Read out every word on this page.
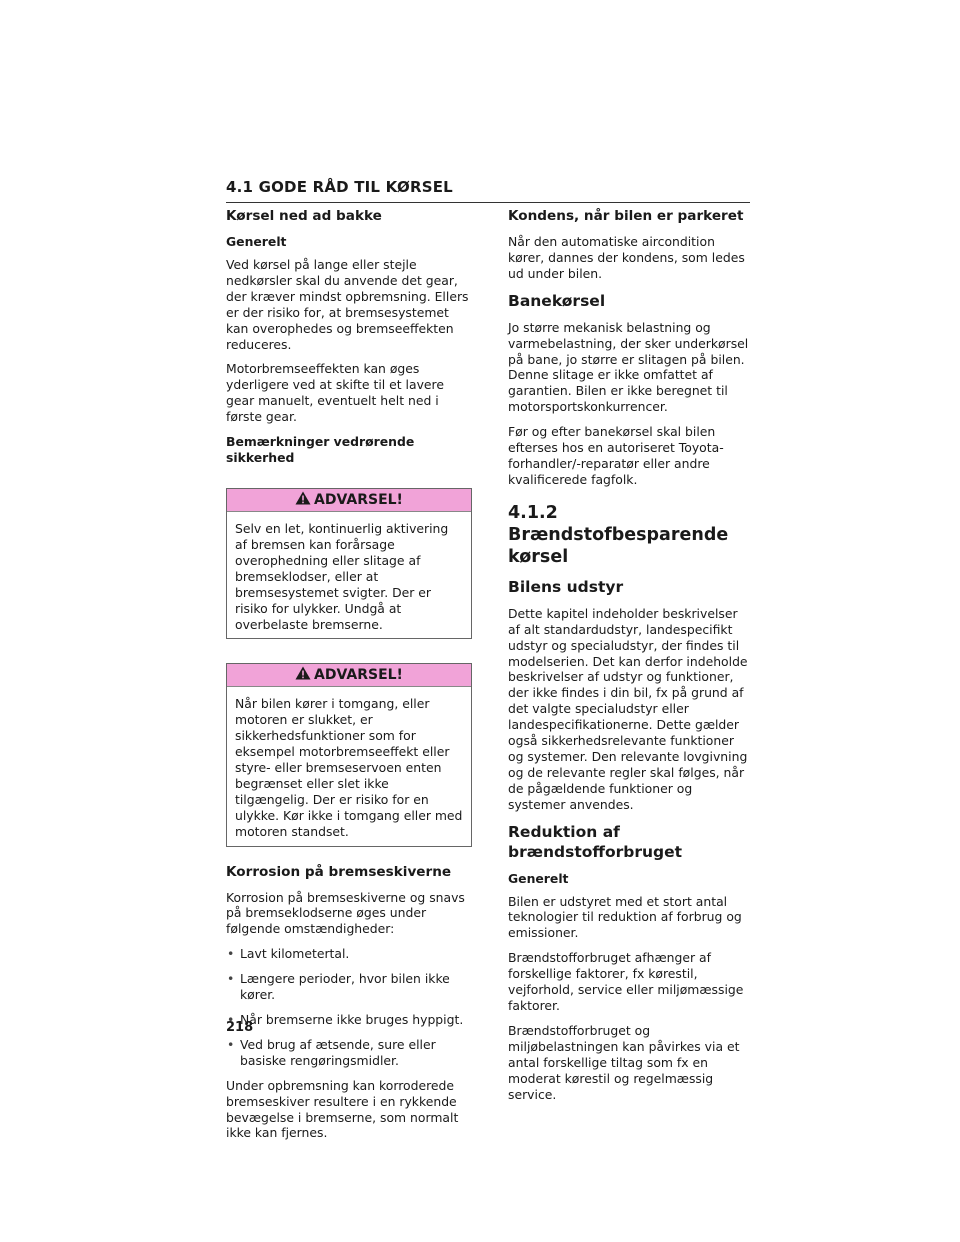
4.1 GODE RÅD TIL KØRSEL
Kørsel ned ad bakke
Generelt

Ved kørsel på lange eller stejle nedkørsler skal du anvende det gear, der kræver mindst opbremsning. Ellers er der risiko for, at bremsesystemet kan overophedes og bremseeffekten reduceres.

Motorbremseeffekten kan øges yderligere ved at skifte til et lavere gear manuelt, eventuelt helt ned i første gear.

Bemærkninger vedrørende sikkerhed
ADVARSEL!

Selv en let, kontinuerlig aktivering af bremsen kan forårsage overophedning eller slitage af bremseklodser, eller at bremsesystemet svigter. Der er risiko for ulykker. Undgå at overbelaste bremserne.

ADVARSEL!

Når bilen kører i tomgang, eller motoren er slukket, er sikkerhedsfunktioner som for eksempel motorbremseeffekt eller styre- eller bremseservoen enten begrænset eller slet ikke tilgængelig. Der er risiko for en ulykke. Kør ikke i tomgang eller med motoren standset.

Korrosion på bremseskiverne

Korrosion på bremseskiverne og snavs på bremseklodserne øges under følgende omstændigheder:

• Lavt kilometertal.
• Længere perioder, hvor bilen ikke kører.
• Når bremserne ikke bruges hyppigt.
• Ved brug af ætsende, sure eller basiske rengøringsmidler.

Under opbremsning kan korroderede bremseskiver resultere i en rykkende bevægelse i bremserne, som normalt ikke kan fjernes.

Kondens, når bilen er parkeret

Når den automatiske aircondition kører, dannes der kondens, som ledes ud under bilen.

Banekørsel

Jo større mekanisk belastning og varmebelastning, der sker underkørsel på bane, jo større er slitagen på bilen. Denne slitage er ikke omfattet af garantien. Bilen er ikke beregnet til motorsportskonkurrencer.

Før og efter banekørsel skal bilen efterses hos en autoriseret Toyota-forhandler/-reparatør eller andre kvalificerede fagfolk.

4.1.2 Brændstofbesparende kørsel
Bilens udstyr

Dette kapitel indeholder beskrivelser af alt standardudstyr, landespecifikt udstyr og specialudstyr, der findes til modelserien. Det kan derfor indeholde beskrivelser af udstyr og funktioner, der ikke findes i din bil, fx på grund af det valgte specialudstyr eller landespecifikationerne. Dette gælder også sikkerhedsrelevante funktioner og systemer. Den relevante lovgivning og de relevante regler skal følges, når de pågældende funktioner og systemer anvendes.

Reduktion af brændstofforbruget
Generelt

Bilen er udstyret med et stort antal teknologier til reduktion af forbrug og emissioner.

Brændstofforbruget afhænger af forskellige faktorer, fx kørestil, vejforhold, service eller miljømæssige faktorer.

Brændstofforbruget og miljøbelastningen kan påvirkes via et antal forskellige tiltag som fx en moderat kørestil og regelmæssig service.

218
